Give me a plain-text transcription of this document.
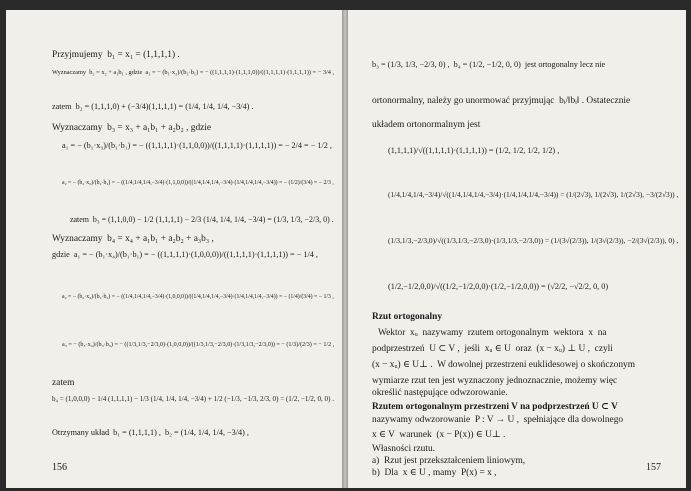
Przyjmujemy  b₁ = x₁ = (1,1,1,1) .
Wyznaczamy  b₂ = x₂ + a₁b₁ , gdzie  a₁ = − (b₁·x₂)/(b₁·b₁) = − ((1,1,1,1)·(1,1,1,0))/((1,1,1,1)·(1,1,1,1)) = − 3/4 ,
zatem  b₂ = (1,1,1,0) + (−3/4)(1,1,1,1) = (1/4, 1/4, 1/4, −3/4) .
Wyznaczamy  b₃ = x₃ + a₁b₁ + a₂b₂ , gdzie
a₁ = − (b₁·x₃)/(b₁·b₁) = − ((1,1,1,1)·(1,1,0,0))/((1,1,1,1)·(1,1,1,1)) = − 2/4 = − 1/2 ,
a₂ = − (b₂·x₃)/(b₂·b₂) = − ((1/4,1/4,1/4,−3/4)·(1,1,0,0))/((1/4,1/4,1/4,−3/4)·(1/4,1/4,1/4,−3/4)) = − (1/2)/(3/4) = − 2/3 ,
zatem  b₃ = (1,1,0,0) − 1/2 (1,1,1,1) − 2/3 (1/4, 1/4, 1/4, −3/4) = (1/3, 1/3, −2/3, 0) .
Wyznaczamy  b₄ = x₄ + a₁b₁ + a₂b₂ + a₃b₃ ,
gdzie  a₁ = − (b₁·x₄)/(b₁·b₁) = − ((1,1,1,1)·(1,0,0,0))/((1,1,1,1)·(1,1,1,1)) = − 1/4 ,
a₂ = − (b₂·x₄)/(b₂·b₂) = − ((1/4,1/4,1/4,−3/4)·(1,0,0,0))/((1/4,1/4,1/4,−3/4)·(1/4,1/4,1/4,−3/4)) = − (1/4)/(3/4) = − 1/3 ,
a₃ = − (b₃·x₄)/(b₃·b₃) = − ((1/3,1/3,−2/3,0)·(1,0,0,0))/((1/3,1/3,−2/3,0)·(1/3,1/3,−2/3,0)) = − (1/3)/(2/3) = − 1/2 ,
zatem
b₄ = (1,0,0,0) − 1/4 (1,1,1,1) − 1/3 (1/4, 1/4, 1/4, −3/4) + 1/2 (−1/3, −1/3, 2/3, 0) = (1/2, −1/2, 0, 0) .
Otrzymany układ  b₁ = (1,1,1,1) ,  b₂ = (1/4, 1/4, 1/4, −3/4) ,
156
b₃ = (1/3, 1/3, −2/3, 0) ,  b₄ = (1/2, −1/2, 0, 0)  jest ortogonalny lecz nie
ortonormalny, należy go unormować przyjmując  bᵢ/‖bᵢ‖ . Ostatecznie
układem ortonormalnym jest
(1,1,1,1)/√((1,1,1,1)·(1,1,1,1)) = (1/2, 1/2, 1/2, 1/2) ,
(1/4,1/4,1/4,−3/4)/√((1/4,1/4,1/4,−3/4)·(1/4,1/4,1/4,−3/4)) = (1/(2√3), 1/(2√3), 1/(2√3), −3/(2√3)) ,
(1/3,1/3,−2/3,0)/√((1/3,1/3,−2/3,0)·(1/3,1/3,−2/3,0)) = (1/(3√(2/3)), 1/(3√(2/3)), −2/(3√(2/3)), 0) ,
(1/2,−1/2,0,0)/√((1/2,−1/2,0,0)·(1/2,−1/2,0,0)) = (√2/2, −√2/2, 0, 0)
Rzut ortogonalny
Wektor  xᵤ  nazywamy  rzutem ortogonalnym  wektora  x  na
podprzestrzeń  U ⊂ V ,  jeśli  xᵤ ∈ U  oraz  (x − xᵤ) ⊥ U ,  czyli
(x − xᵤ) ∈ U⊥ .  W dowolnej przestrzeni euklidesowej o skończonym
wymiarze rzut ten jest wyznaczony jednoznacznie, możemy więc
określić następujące odwzorowanie.
Rzutem ortogonalnym przestrzeni V na podprzestrzeń U ⊂ V
nazywamy odwzorowanie  P : V → U ,  spełniające dla dowolnego
x ∈ V  warunek  (x − P(x)) ∈ U⊥ .
Własności rzutu.
a)  Rzut jest przekształceniem liniowym,
b)  Dla  x ∈ U , mamy  P(x) = x ,	157
